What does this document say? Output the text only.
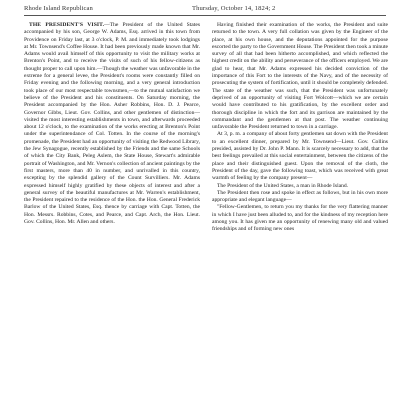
Rhode Island Republican	Thursday, October 14, 1824; 2

THE PRESIDENT'S VISIT.—The President of the United States accompanied by his son, George W. Adams, Esq. arrived in this town from Providence on Friday last, at 3 o'clock, P. M. and immediately took lodgings at Mr. Townsend's Coffee House. It had been previously made known that Mr. Adams would avail himself of this opportunity to visit the military works at Brenton's Point, and to receive the visits of such of his fellow-citizens as thought proper to call upon him.—Though the weather was unfavorable in the extreme for a general levee, the President's rooms were constantly filled on Friday evening and the following morning, and a very general introduction took place of our most respectable townsmen,—to the mutual satisfaction we believe of the President and his constituents. On Saturday morning, the President accompanied by the Hon. Asher Robbins, Hon. D. J. Pearce, Governor Gibbs, Lieut. Gov. Collins, and other gentlemen of distinction—visited the most interesting establishments in town, and afterwards proceeded about 12 o'clock, to the examination of the works erecting at Brenton's Point under the superintendance of Col. Totten. In the course of the morning's promenade, the President had an opportunity of visiting the Redwood Library, the Jew Synagogue, recently established by the Friends and the same Schools of which the City Bank, Peleg Aslem, the State House, Stewart's admirable portrait of Washington, and Mr. Vernon's collection of ancient paintings by the first masters, more than 40 in number, and unrivalled in this country, excepting by the splendid gallery of the Count Survilliers. Mr. Adams expressed himself highly gratified by these objects of interest and after a general survey of the beautiful manufactures at Mr. Warren's establishment, the President repaired to the residence of the Hon. the Hon. General Frederick Barlow of the United States, Esq. thence by carriage with Capt. Totten, the Hon. Messrs. Robbins, Cotes, and Pearce, and Capt. Arch, the Hon. Lieut. Gov. Collins, Hon. Mr. Allen and others.

Having finished their examination of the works, the President and suite returned to the town. A very full collation was given by the Engineer of the place, at his own house, and the deputations appointed for the purpose escorted the party to the Government House. The President then took a minute survey of all that had been hitherto accomplished, and which reflected the highest credit on the ability and perseverance of the officers employed. We are glad to hear, that Mr. Adams expressed his decided conviction of the importance of this Fort to the interests of the Navy, and of the necessity of prosecuting the system of fortification, until it should be completely defended. The state of the weather was such, that the President was unfortunately deprived of an opportunity of visiting Fort Wolcott—which we are certain would have contributed to his gratification, by the excellent order and thorough discipline in which the fort and its garrison are maintained by the commandant and the gentlemen at that post. The weather continuing unfavorable the President returned to town in a carriage.

At 3, p. m. a company of about forty gentlemen sat down with the President to an excellent dinner, prepared by Mr. Townsend—Lieut. Gov. Collins presided, assisted by Dr. John P. Mann. It is scarcely necessary to add, that the best feelings prevailed at this social entertainment, between the citizens of the place and their distinguished guest. Upon the removal of the cloth, the President of the day, gave the following toast, which was received with great warmth of feeling by the company present—

The President of the United States, a man in Rhode Island.

The President then rose and spoke in effect as follows, but in his own more appropriate and elegant language—

"Fellow-Gentlemen, to return you my thanks for the very flattering manner in which I have just been alluded to, and for the kindness of my reception here among you. It has given me an opportunity of renewing many old and valued friendships and of forming new ones
